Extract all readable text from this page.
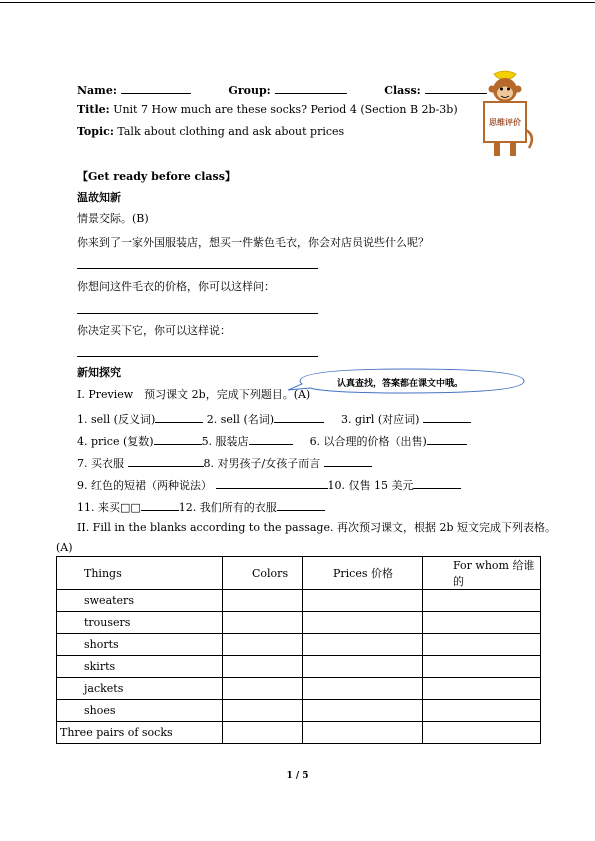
Name:	Group:	Class:
Title: Unit 7 How much are these socks? Period 4 (Section B 2b-3b)
Topic: Talk about clothing and ask about prices
思维评价
【Get ready before class】
温故知新
情景交际。(B)
你来到了一家外国服装店，想买一件紫色毛衣，你会对店员说些什么呢？
你想问这件毛衣的价格，你可以这样问：
你决定买下它，你可以这样说：
新知探究
认真查找，答案都在课文中哦。
I. Preview　预习课文 2b，完成下列题目。(A)
1. sell (反义词)	2. sell (名词)	3. girl (对应词)
4. price (复数)	5. 服装店	6. 以合理的价格（出售)
7. 买衣服	8. 对男孩子/女孩子而言
9. 红色的短裙（两种说法）	10. 仅售 15 美元
11. 来买□□	12. 我们所有的衣服
II. Fill in the blanks according to the passage. 再次预习课文，根据 2b 短文完成下列表格。
(A)
Things	Colors	Prices 价格	For whom 给谁的
sweaters			
trousers			
shorts			
skirts			
jackets			
shoes			
Three pairs of socks			
1 / 5
